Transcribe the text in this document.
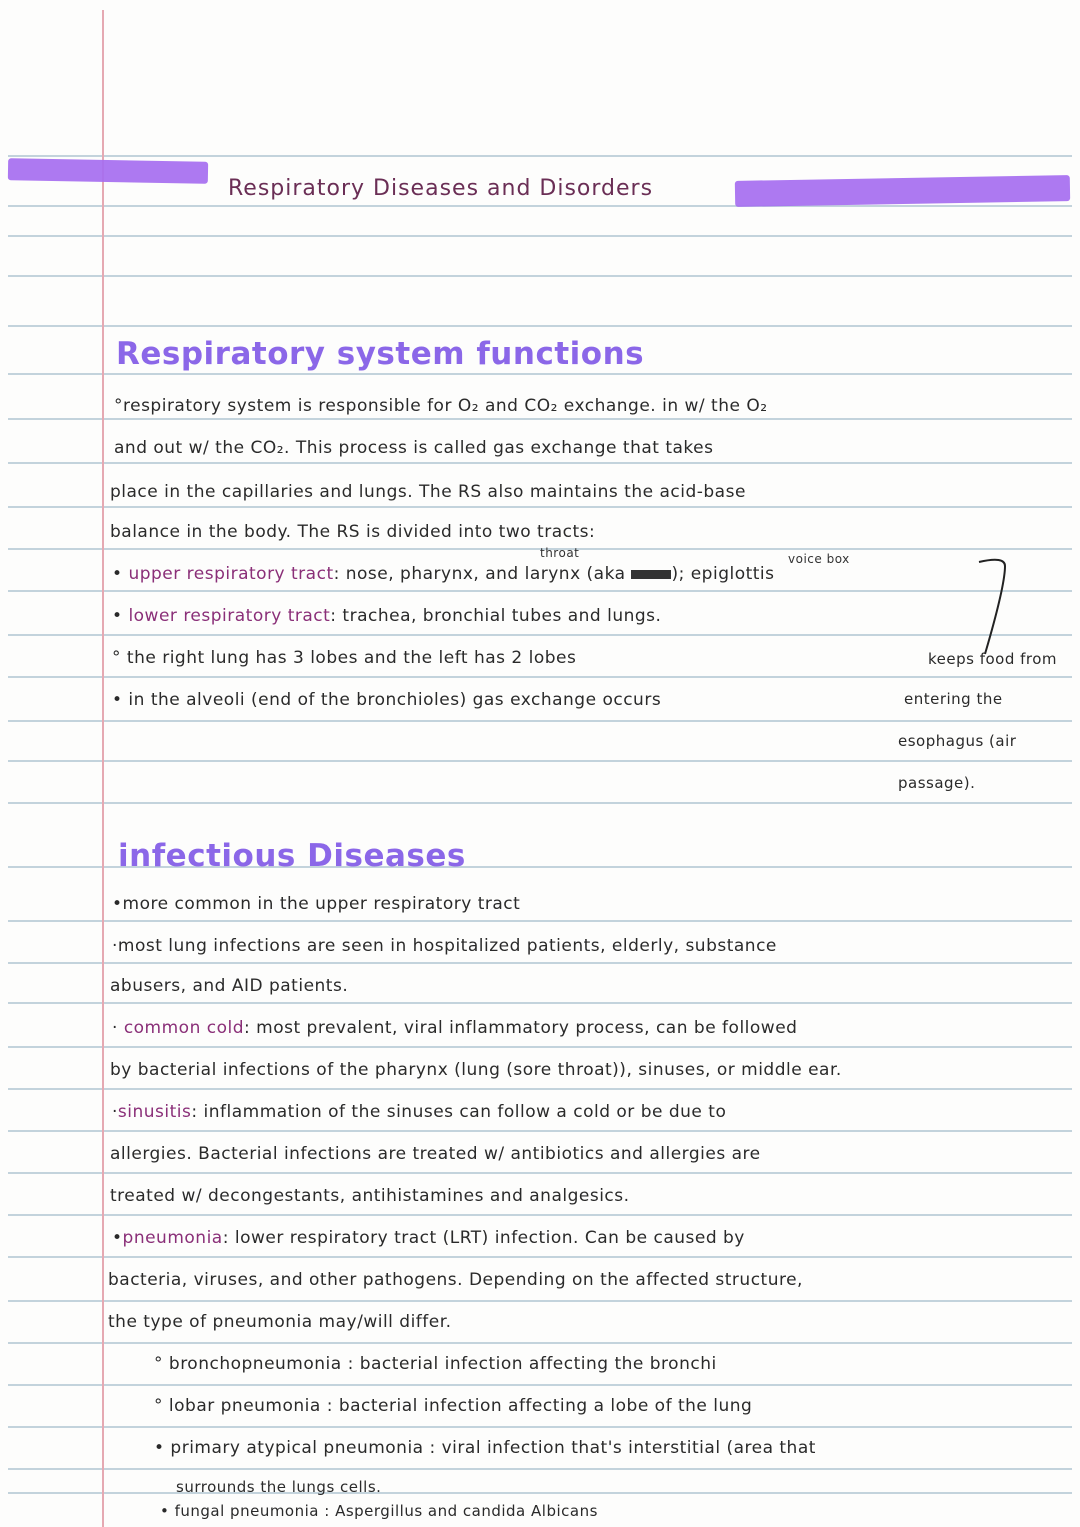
Respiratory Diseases and Disorders
Respiratory system functions
°respiratory system is responsible for O₂ and CO₂ exchange. in w/ the O₂
and out w/ the CO₂. This process is called gas exchange that takes
place in the capillaries and lungs. The RS also maintains the acid-base
balance in the body. The RS is divided into two tracts:
throat	voice box
• upper respiratory tract: nose, pharynx, and larynx (aka ); epiglottis
• lower respiratory tract: trachea, bronchial tubes and lungs.
° the right lung has 3 lobes and the left has 2 lobes
• in the alveoli (end of the bronchioles) gas exchange occurs
keeps food from
entering the
esophagus (air
passage).
infectious Diseases
•more common in the upper respiratory tract
·most lung infections are seen in hospitalized patients, elderly, substance
abusers, and AID patients.
· common cold: most prevalent, viral inflammatory process, can be followed
by bacterial infections of the pharynx (lung (sore throat)), sinuses, or middle ear.
·sinusitis: inflammation of the sinuses can follow a cold or be due to
allergies. Bacterial infections are treated w/ antibiotics and allergies are
treated w/ decongestants, antihistamines and analgesics.
•pneumonia: lower respiratory tract (LRT) infection. Can be caused by
bacteria, viruses, and other pathogens. Depending on the affected structure,
the type of pneumonia may/will differ.
° bronchopneumonia : bacterial infection affecting the bronchi
° lobar pneumonia : bacterial infection affecting a lobe of the lung
• primary atypical pneumonia : viral infection that's interstitial (area that
surrounds the lungs cells.
• fungal pneumonia : Aspergillus and candida Albicans
